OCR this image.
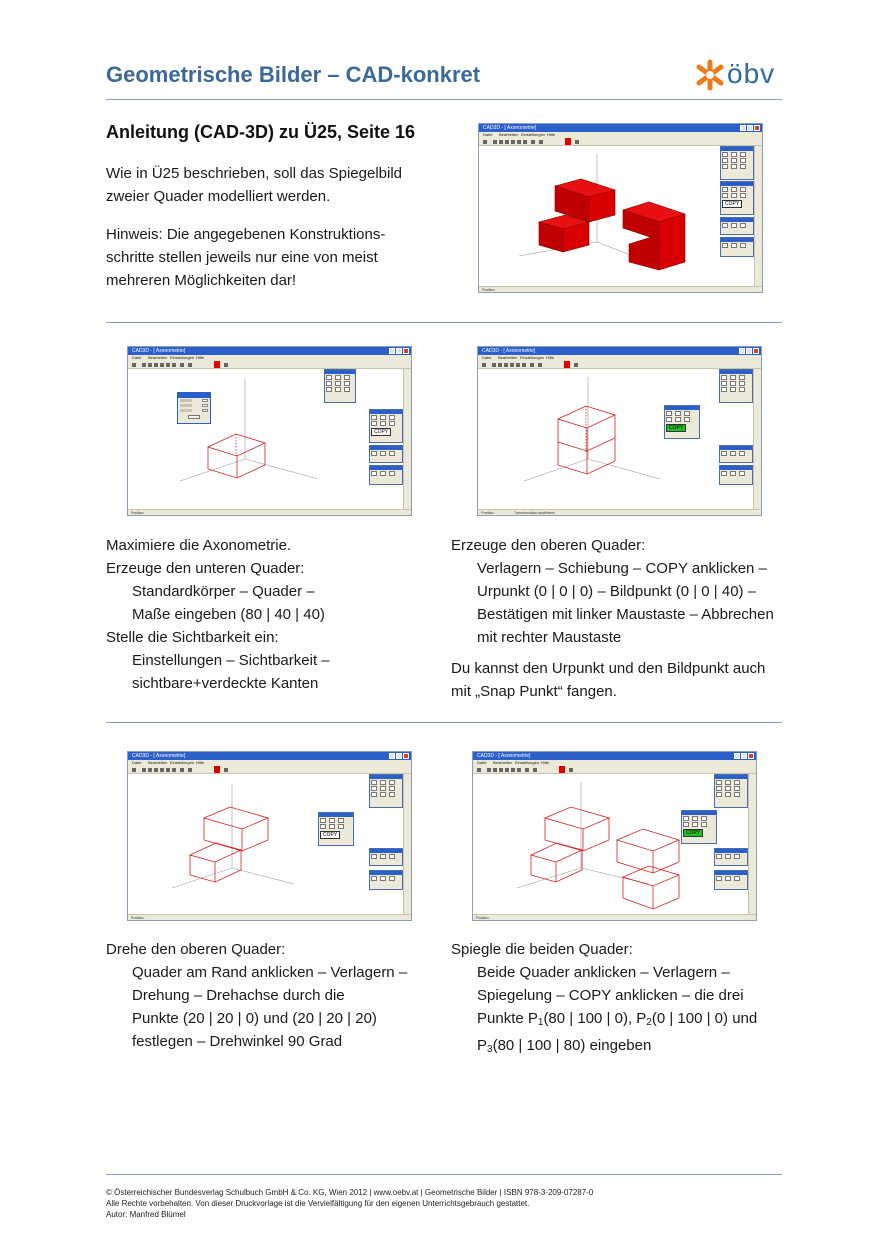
Geometrische Bilder – CAD-konkret	öbv
Anleitung (CAD-3D) zu Ü25, Seite 16
Wie in Ü25 beschrieben, soll das Spiegelbild
zweier Quader modelliert werden.
Hinweis: Die angegebenen Konstruktions-
schritte stellen jeweils nur eine von meist
mehreren Möglichkeiten dar!
CAD3D - [ Axonometrie]
Datei Bearbeiten Einstellungen Hilfe
COPY
Position:
CAD3D - [ Axonometrie]
Datei Bearbeiten Einstellungen Hilfe
COPY
Position:
CAD3D - [ Axonometrie]
Datei Bearbeiten Einstellungen Hilfe
COPY
Position:	Transformation ausführen!
Maximiere die Axonometrie.
Erzeuge den unteren Quader:
Standardkörper – Quader –
Maße eingeben (80 | 40 | 40)
Stelle die Sichtbarkeit ein:
Einstellungen – Sichtbarkeit –
sichtbare+verdeckte Kanten
Erzeuge den oberen Quader:
Verlagern – Schiebung – COPY anklicken –
Urpunkt (0 | 0 | 0) – Bildpunkt (0 | 0 | 40) –
Bestätigen mit linker Maustaste – Abbrechen
mit rechter Maustaste
Du kannst den Urpunkt und den Bildpunkt auch
mit „Snap Punkt“ fangen.
CAD3D - [ Axonometrie]
Datei Bearbeiten Einstellungen Hilfe
COPY
Position:
CAD3D - [ Axonometrie]
Datei Bearbeiten Einstellungen Hilfe
COPY
Position:
Drehe den oberen Quader:
Quader am Rand anklicken – Verlagern –
Drehung – Drehachse durch die
Punkte (20 | 20 | 0) und (20 | 20 | 20)
festlegen – Drehwinkel 90 Grad
Spiegle die beiden Quader:
Beide Quader anklicken – Verlagern –
Spiegelung – COPY anklicken – die drei
Punkte $P_1(80$ | 100 | 0), $P_2(0$ | 100 | 0) und
$P_3(80$ | 100 | 80) eingeben
© Österreichischer Bundesverlag Schulbuch GmbH & Co. KG, Wien 2012 | www.oebv.at | Geometrische Bilder | ISBN 978-3-209-07287-0
Alle Rechte vorbehalten. Von dieser Druckvorlage ist die Vervielfältigung für den eigenen Unterrichtsgebrauch gestattet.
Autor: Manfred Blümel
